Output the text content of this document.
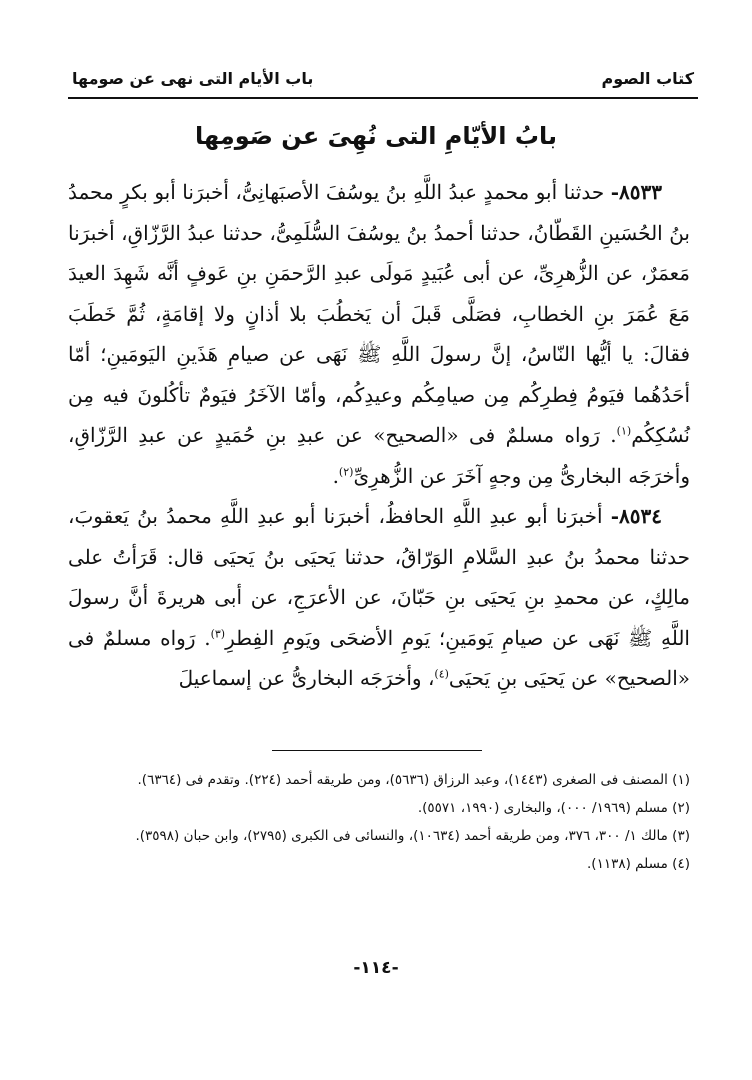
كتاب الصوم
باب الأيام التى نهى عن صومها
بابُ الأيّامِ التى نُهِىَ عن صَومِها

٨٥٣٣- حدثنا أبو محمدٍ عبدُ اللَّهِ بنُ يوسُفَ الأصبَهانِىُّ، أخبرَنا أبو بكرٍ محمدُ بنُ الحُسَينِ القَطّانُ، حدثنا أحمدُ بنُ يوسُفَ السُّلَمِىُّ، حدثنا عبدُ الرَّزّاقِ، أخبرَنا مَعمَرٌ، عن الزُّهرِىِّ، عن أبى عُبَيدٍ مَولَى عبدِ الرَّحمَنِ بنِ عَوفٍ أنَّه شَهِدَ العيدَ مَعَ عُمَرَ بنِ الخطابِ، فصَلَّى قَبلَ أن يَخطُبَ بلا أذانٍ ولا إقامَةٍ، ثُمَّ خَطَبَ فقالَ: يا أيُّها النّاسُ، إنَّ رسولَ اللَّهِ ﷺ نَهَى عن صيامِ هَذَينِ اليَومَينِ؛ أمّا أحَدُهُما فيَومُ فِطرِكُم مِن صيامِكُم وعيدِكُم، وأمّا الآخَرُ فيَومٌ تأكُلونَ فيه مِن نُسُكِكُم$^{(١)}$. رَواه مسلمٌ فى «الصحيح» عن عبدِ بنِ حُمَيدٍ عن عبدِ الرَّزّاقِ، وأخرَجَه البخارىُّ مِن وجهٍ آخَرَ عن الزُّهرِىِّ$^{(٢)}$.

٨٥٣٤- أخبرَنا أبو عبدِ اللَّهِ الحافظُ، أخبرَنا أبو عبدِ اللَّهِ محمدُ بنُ يَعقوبَ، حدثنا محمدُ بنُ عبدِ السَّلامِ الوَرّاقُ، حدثنا يَحيَى بنُ يَحيَى قال: قَرَأتُ على مالِكٍ، عن محمدِ بنِ يَحيَى بنِ حَبّانَ، عن الأعرَجِ، عن أبى هريرةَ أنَّ رسولَ اللَّهِ ﷺ نَهَى عن صيامِ يَومَينِ؛ يَومِ الأضحَى ويَومِ الفِطرِ$^{(٣)}$. رَواه مسلمٌ فى «الصحيح» عن يَحيَى بنِ يَحيَى$^{(٤)}$، وأخرَجَه البخارىُّ عن إسماعيلَ

(١) المصنف فى الصغرى (١٤٤٣)، وعبد الرزاق (٥٦٣٦)، ومن طريقه أحمد (٢٢٤). وتقدم فى (٦٣٦٤).

(٢) مسلم (١٩٦٩/ ٠٠٠)، والبخارى (١٩٩٠، ٥٥٧١).

(٣) مالك ١/ ٣٠٠، ٣٧٦، ومن طريقه أحمد (١٠٦٣٤)، والنسائى فى الكبرى (٢٧٩٥)، وابن حبان (٣٥٩٨).

(٤) مسلم (١١٣٨).

-١١٤-
